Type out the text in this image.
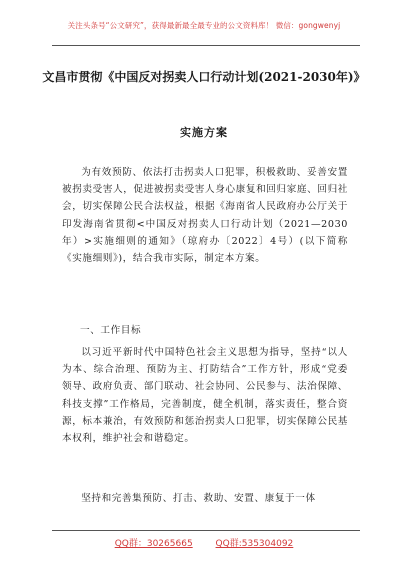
关注头条号“公文研究”，获得最新最全最专业的公文资料库！ 微信：gongwenyj
文昌市贯彻《中国反对拐卖人口行动计划(2021-2030年)》
实施方案

为有效预防、依法打击拐卖人口犯罪，积极救助、妥善安置被拐卖受害人，促进被拐卖受害人身心康复和回归家庭、回归社会，切实保障公民合法权益，根据《海南省人民政府办公厅关于印发海南省贯彻<中国反对拐卖人口行动计划（2021—2030年）>实施细则的通知》（琼府办〔2022〕4号）(以下简称《实施细则》)，结合我市实际，制定本方案。

一、工作目标

以习近平新时代中国特色社会主义思想为指导，坚持“以人为本、综合治理、预防为主、打防结合”工作方针，形成“党委领导、政府负责、部门联动、社会协同、公民参与、法治保障、科技支撑”工作格局，完善制度，健全机制，落实责任，整合资源，标本兼治，有效预防和惩治拐卖人口犯罪，切实保障公民基本权利，维护社会和谐稳定。

坚持和完善集预防、打击、救助、安置、康复于一体

QQ群：30265665	QQ群:535304092
